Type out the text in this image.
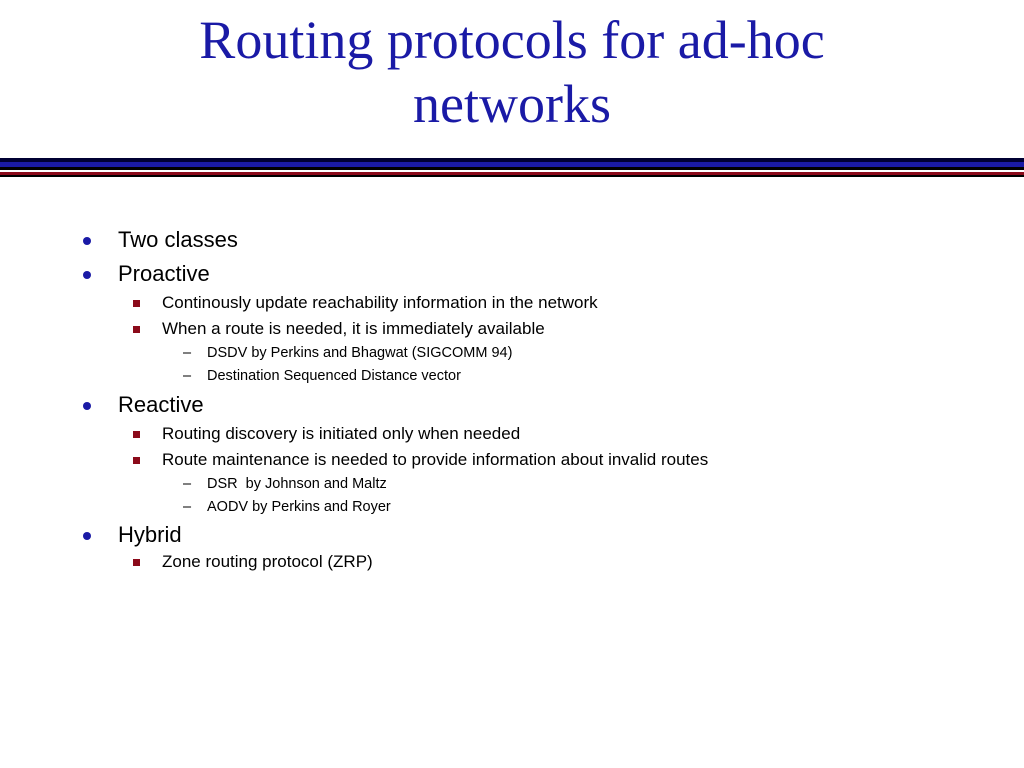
Routing protocols for ad-hoc
networks
Two classes
Proactive
Continously update reachability information in the network
When a route is needed, it is immediately available
– DSDV by Perkins and Bhagwat (SIGCOMM 94)
– Destination Sequenced Distance vector
Reactive
Routing discovery is initiated only when needed
Route maintenance is needed to provide information about invalid routes
– DSR  by Johnson and Maltz
– AODV by Perkins and Royer
Hybrid
Zone routing protocol (ZRP)
